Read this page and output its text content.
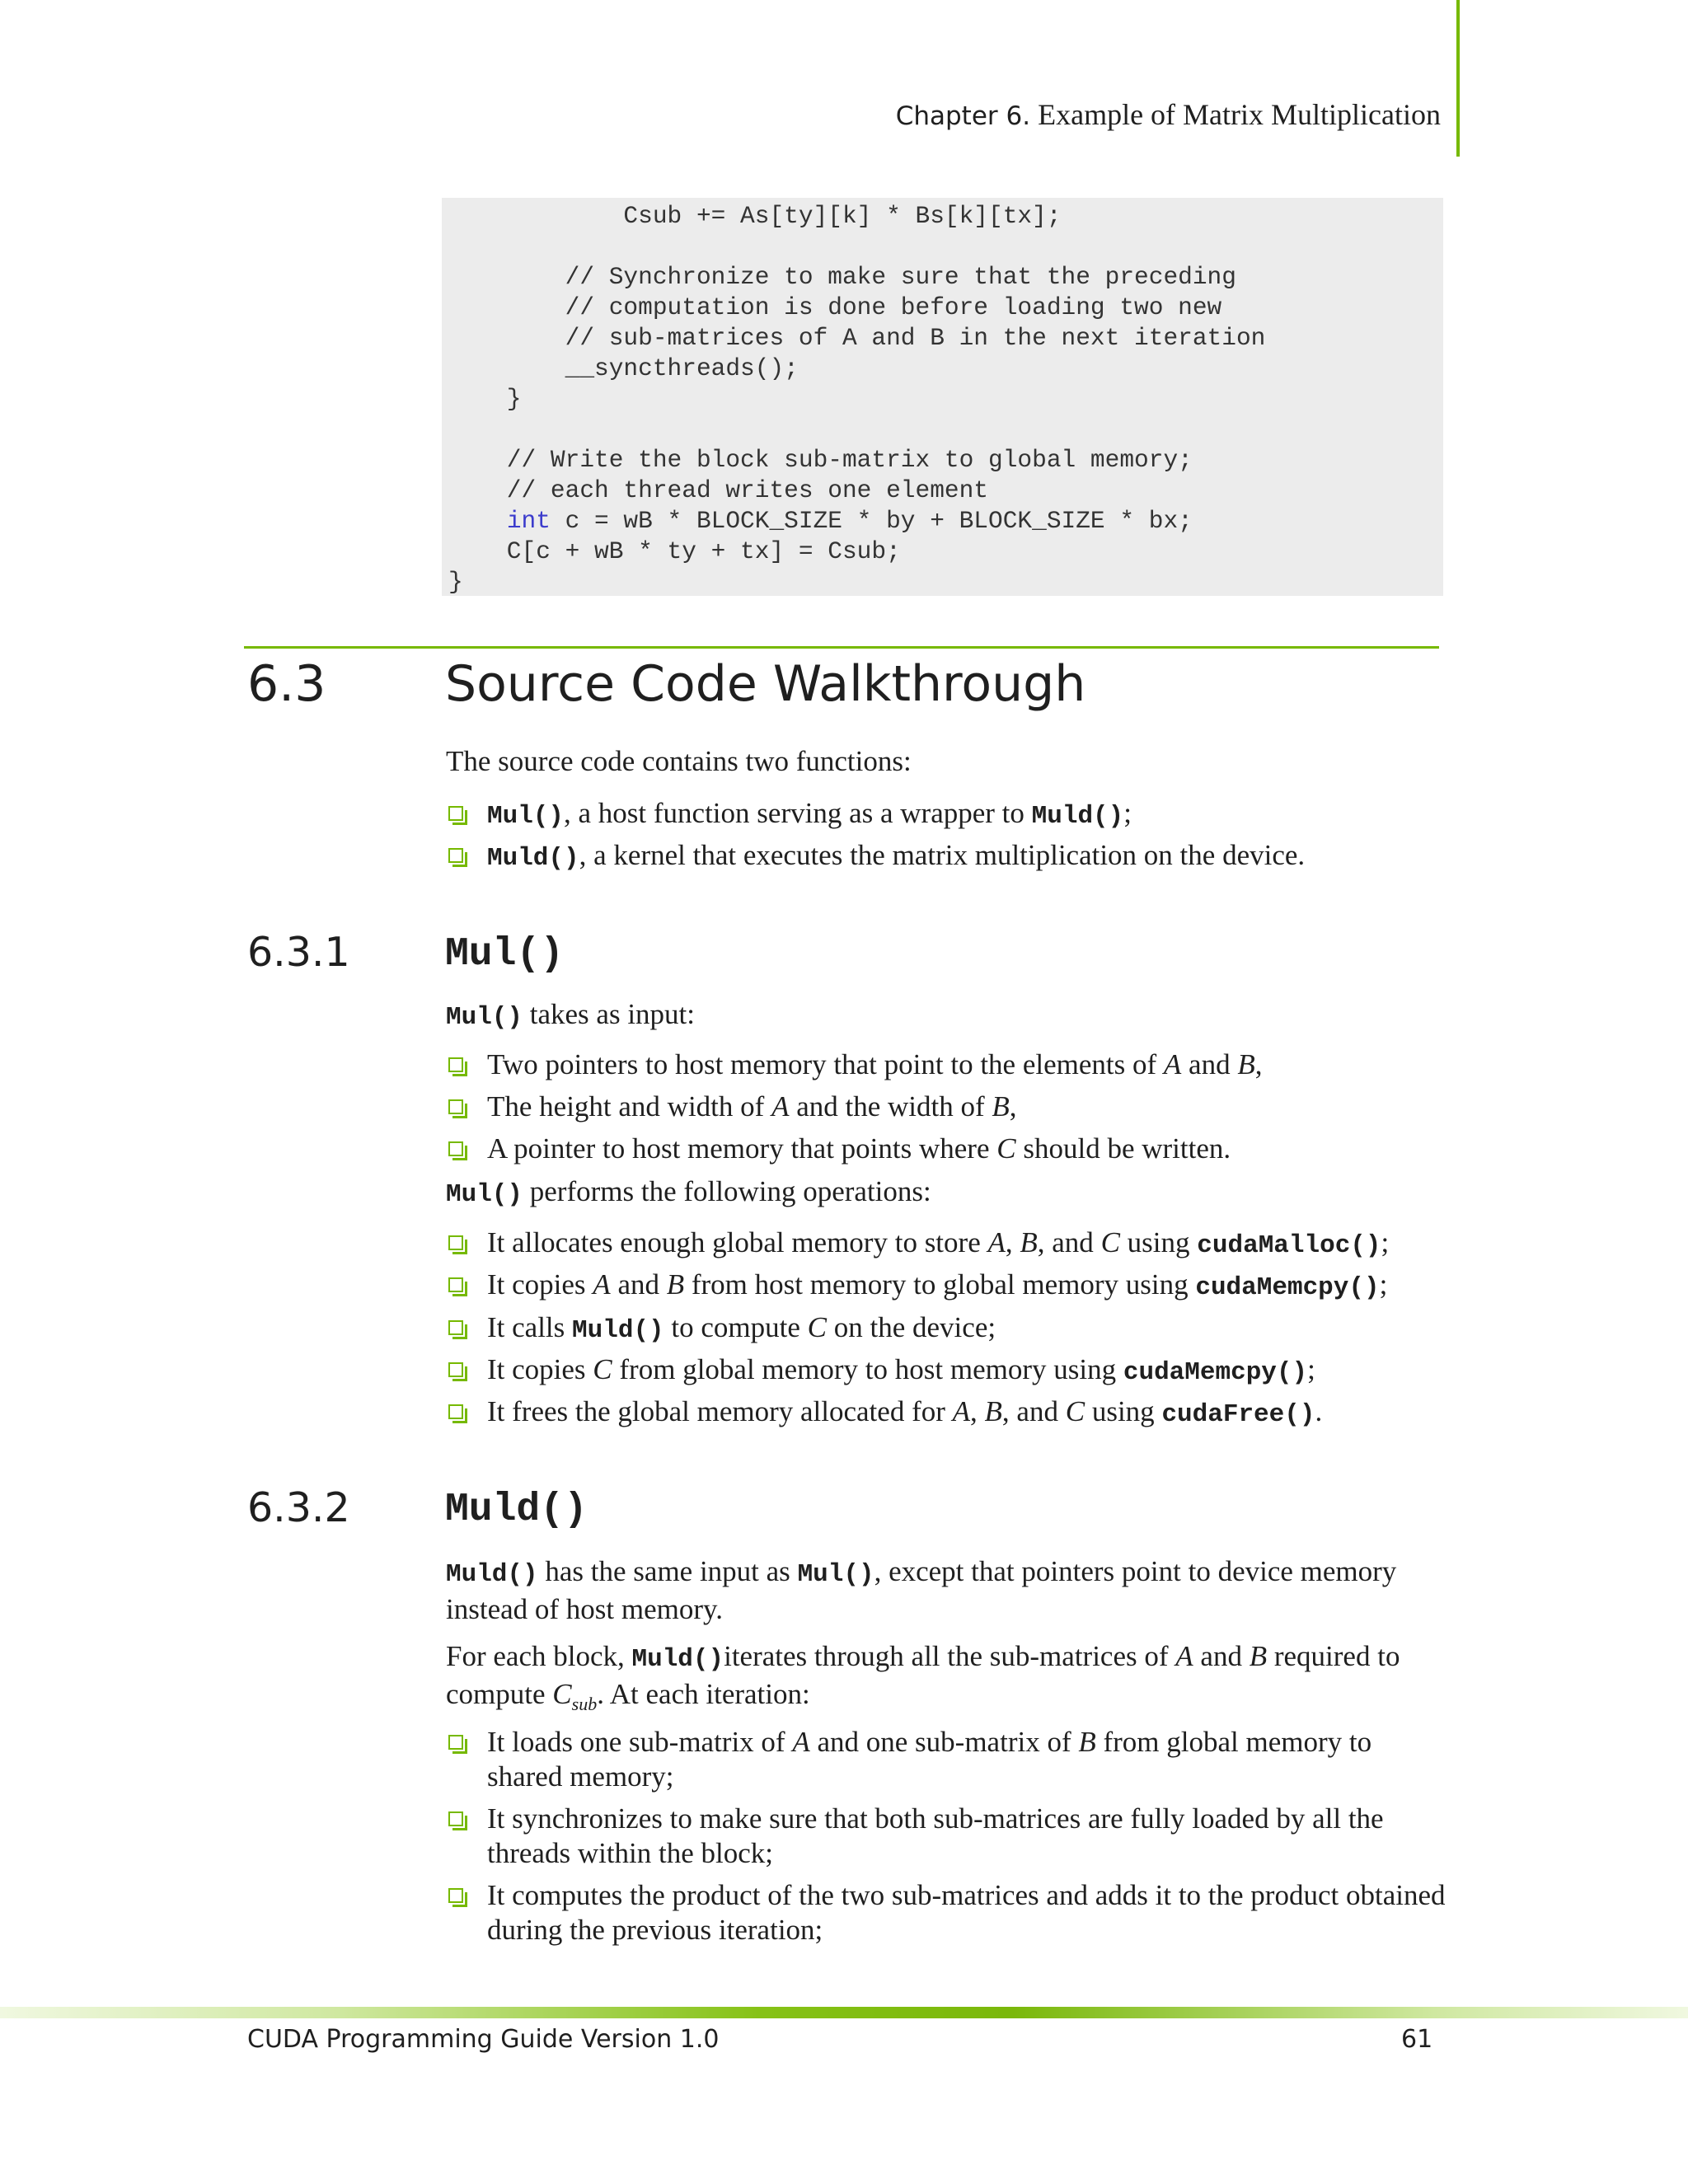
Chapter 6. Example of Matrix Multiplication
Csub += As[ty][k] * Bs[k][tx];
// Synchronize to make sure that the preceding
// computation is done before loading two new
// sub-matrices of A and B in the next iteration
__syncthreads();
}
// Write the block sub-matrix to global memory;
// each thread writes one element
int c = wB * BLOCK_SIZE * by + BLOCK_SIZE * bx;
C[c + wB * ty + tx] = Csub;
}
6.3 Source Code Walkthrough
The source code contains two functions:
Mul(), a host function serving as a wrapper to Muld();
Muld(), a kernel that executes the matrix multiplication on the device.
6.3.1 Mul()
Mul() takes as input:
Two pointers to host memory that point to the elements of A and B,
The height and width of A and the width of B,
A pointer to host memory that points where C should be written.
Mul() performs the following operations:
It allocates enough global memory to store A, B, and C using cudaMalloc();
It copies A and B from host memory to global memory using cudaMemcpy();
It calls Muld() to compute C on the device;
It copies C from global memory to host memory using cudaMemcpy();
It frees the global memory allocated for A, B, and C using cudaFree().
6.3.2 Muld()
Muld() has the same input as Mul(), except that pointers point to device memory instead of host memory.
For each block, Muld()iterates through all the sub-matrices of A and B required to compute $C_{sub}$. At each iteration:
It loads one sub-matrix of A and one sub-matrix of B from global memory to shared memory;
It synchronizes to make sure that both sub-matrices are fully loaded by all the threads within the block;
It computes the product of the two sub-matrices and adds it to the product obtained during the previous iteration;
CUDA Programming Guide Version 1.0	61
